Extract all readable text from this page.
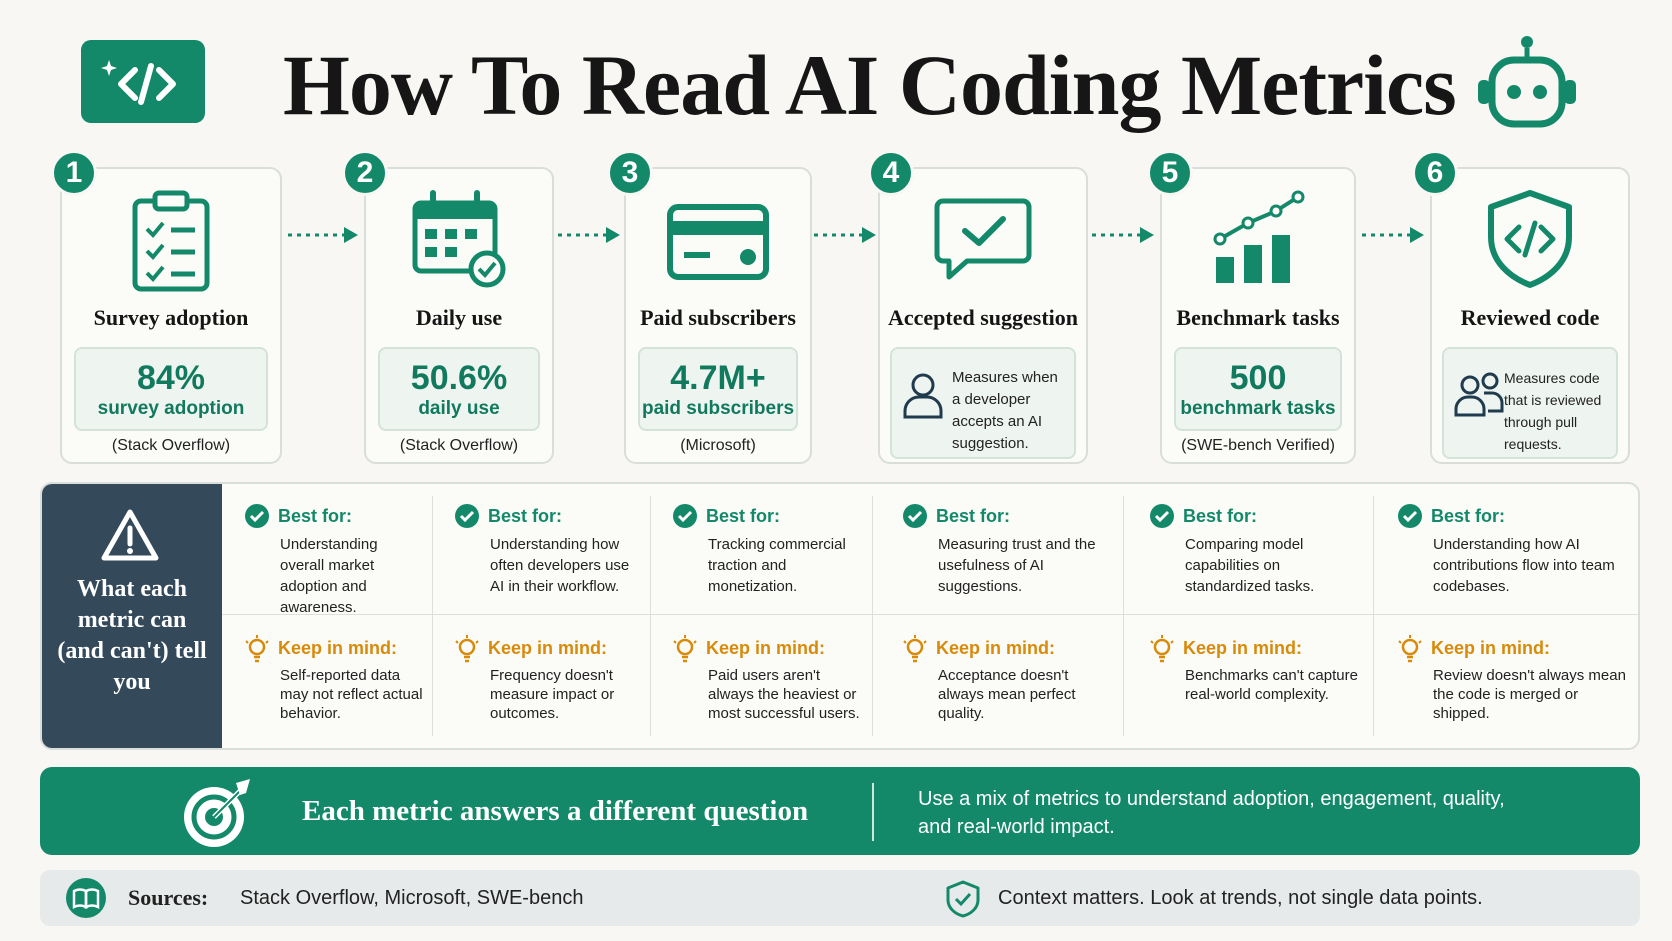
How To Read AI Coding Metrics
1
Survey adoption
84%
survey adoption
(Stack Overflow)
2
Daily use
50.6%
daily use
(Stack Overflow)
3
Paid subscribers
4.7M+
paid subscribers
(Microsoft)
4
Accepted suggestion
Measures when a developer accepts an AI suggestion.
5
Benchmark tasks
500
benchmark tasks
(SWE-bench Verified)
6
Reviewed code
Measures code that is reviewed through pull requests.
What each metric can (and can't) tell you
Best for:
Understanding overall market adoption and awareness.
Keep in mind:
Self-reported data may not reflect actual behavior.
Best for:
Understanding how often developers use AI in their workflow.
Keep in mind:
Frequency doesn't measure impact or outcomes.
Best for:
Tracking commercial traction and monetization.
Keep in mind:
Paid users aren't always the heaviest or most successful users.
Best for:
Measuring trust and the usefulness of AI suggestions.
Keep in mind:
Acceptance doesn't always mean perfect quality.
Best for:
Comparing model capabilities on standardized tasks.
Keep in mind:
Benchmarks can't capture real-world complexity.
Best for:
Understanding how AI contributions flow into team codebases.
Keep in mind:
Review doesn't always mean the code is merged or shipped.
Each metric answers a different question	Use a mix of metrics to understand adoption, engagement, quality, and real-world impact.
Sources: Stack Overflow, Microsoft, SWE-bench	Context matters. Look at trends, not single data points.
